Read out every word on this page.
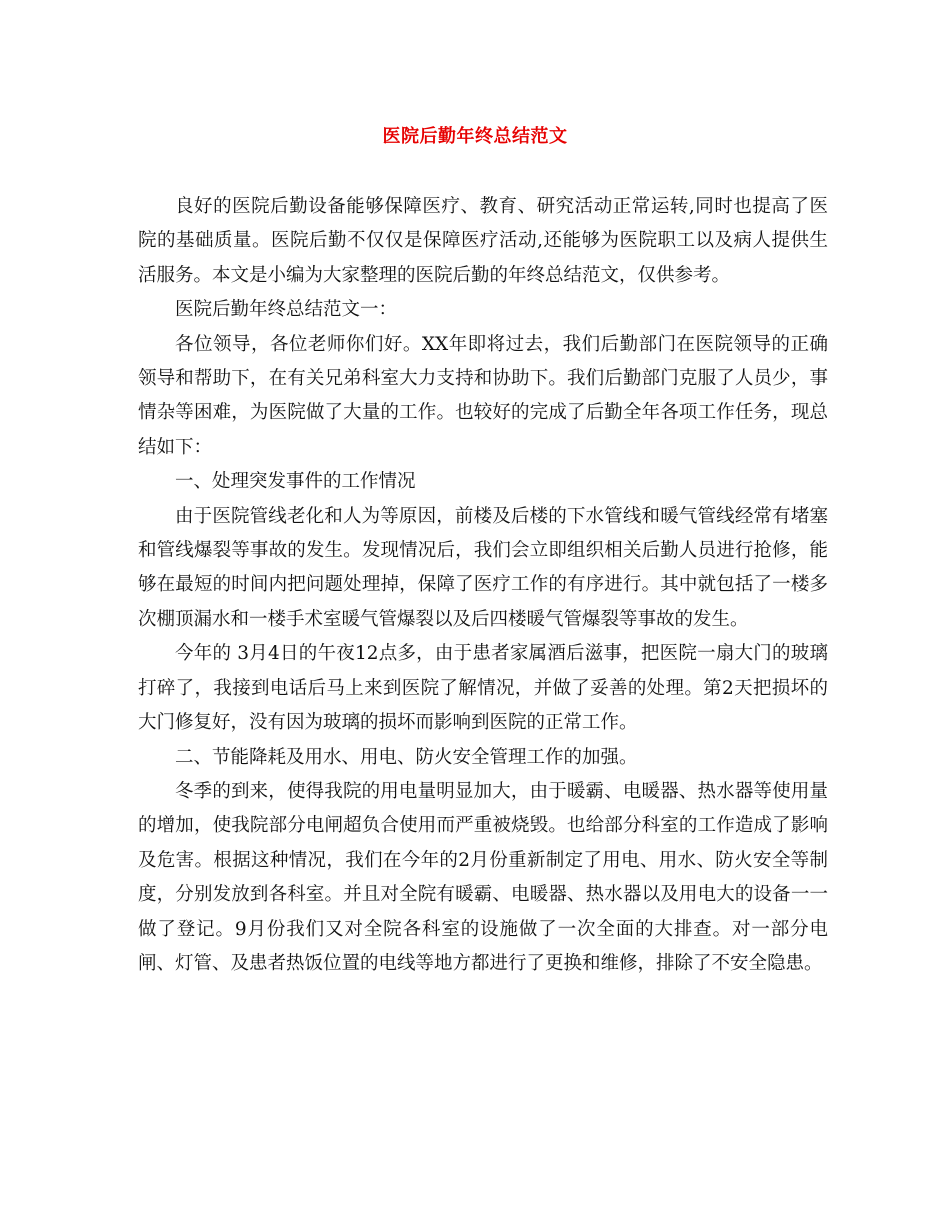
医院后勤年终总结范文

良好的医院后勤设备能够保障医疗、教育、研究活动正常运转,同时也提高了医院的基础质量。医院后勤不仅仅是保障医疗活动,还能够为医院职工以及病人提供生活服务。本文是小编为大家整理的医院后勤的年终总结范文，仅供参考。

医院后勤年终总结范文一：

各位领导，各位老师你们好。XX年即将过去，我们后勤部门在医院领导的正确领导和帮助下，在有关兄弟科室大力支持和协助下。我们后勤部门克服了人员少，事情杂等困难，为医院做了大量的工作。也较好的完成了后勤全年各项工作任务，现总结如下：

一、处理突发事件的工作情况

由于医院管线老化和人为等原因，前楼及后楼的下水管线和暖气管线经常有堵塞和管线爆裂等事故的发生。发现情况后，我们会立即组织相关后勤人员进行抢修，能够在最短的时间内把问题处理掉，保障了医疗工作的有序进行。其中就包括了一楼多次棚顶漏水和一楼手术室暖气管爆裂以及后四楼暖气管爆裂等事故的发生。

今年的 3月4日的午夜12点多，由于患者家属酒后滋事，把医院一扇大门的玻璃打碎了，我接到电话后马上来到医院了解情况，并做了妥善的处理。第2天把损坏的大门修复好，没有因为玻璃的损坏而影响到医院的正常工作。

二、节能降耗及用水、用电、防火安全管理工作的加强。

冬季的到来，使得我院的用电量明显加大，由于暖霸、电暖器、热水器等使用量的增加，使我院部分电闸超负合使用而严重被烧毁。也给部分科室的工作造成了影响及危害。根据这种情况，我们在今年的2月份重新制定了用电、用水、防火安全等制度，分别发放到各科室。并且对全院有暖霸、电暖器、热水器以及用电大的设备一一做了登记。9月份我们又对全院各科室的设施做了一次全面的大排查。对一部分电闸、灯管、及患者热饭位置的电线等地方都进行了更换和维修，排除了不安全隐患。
